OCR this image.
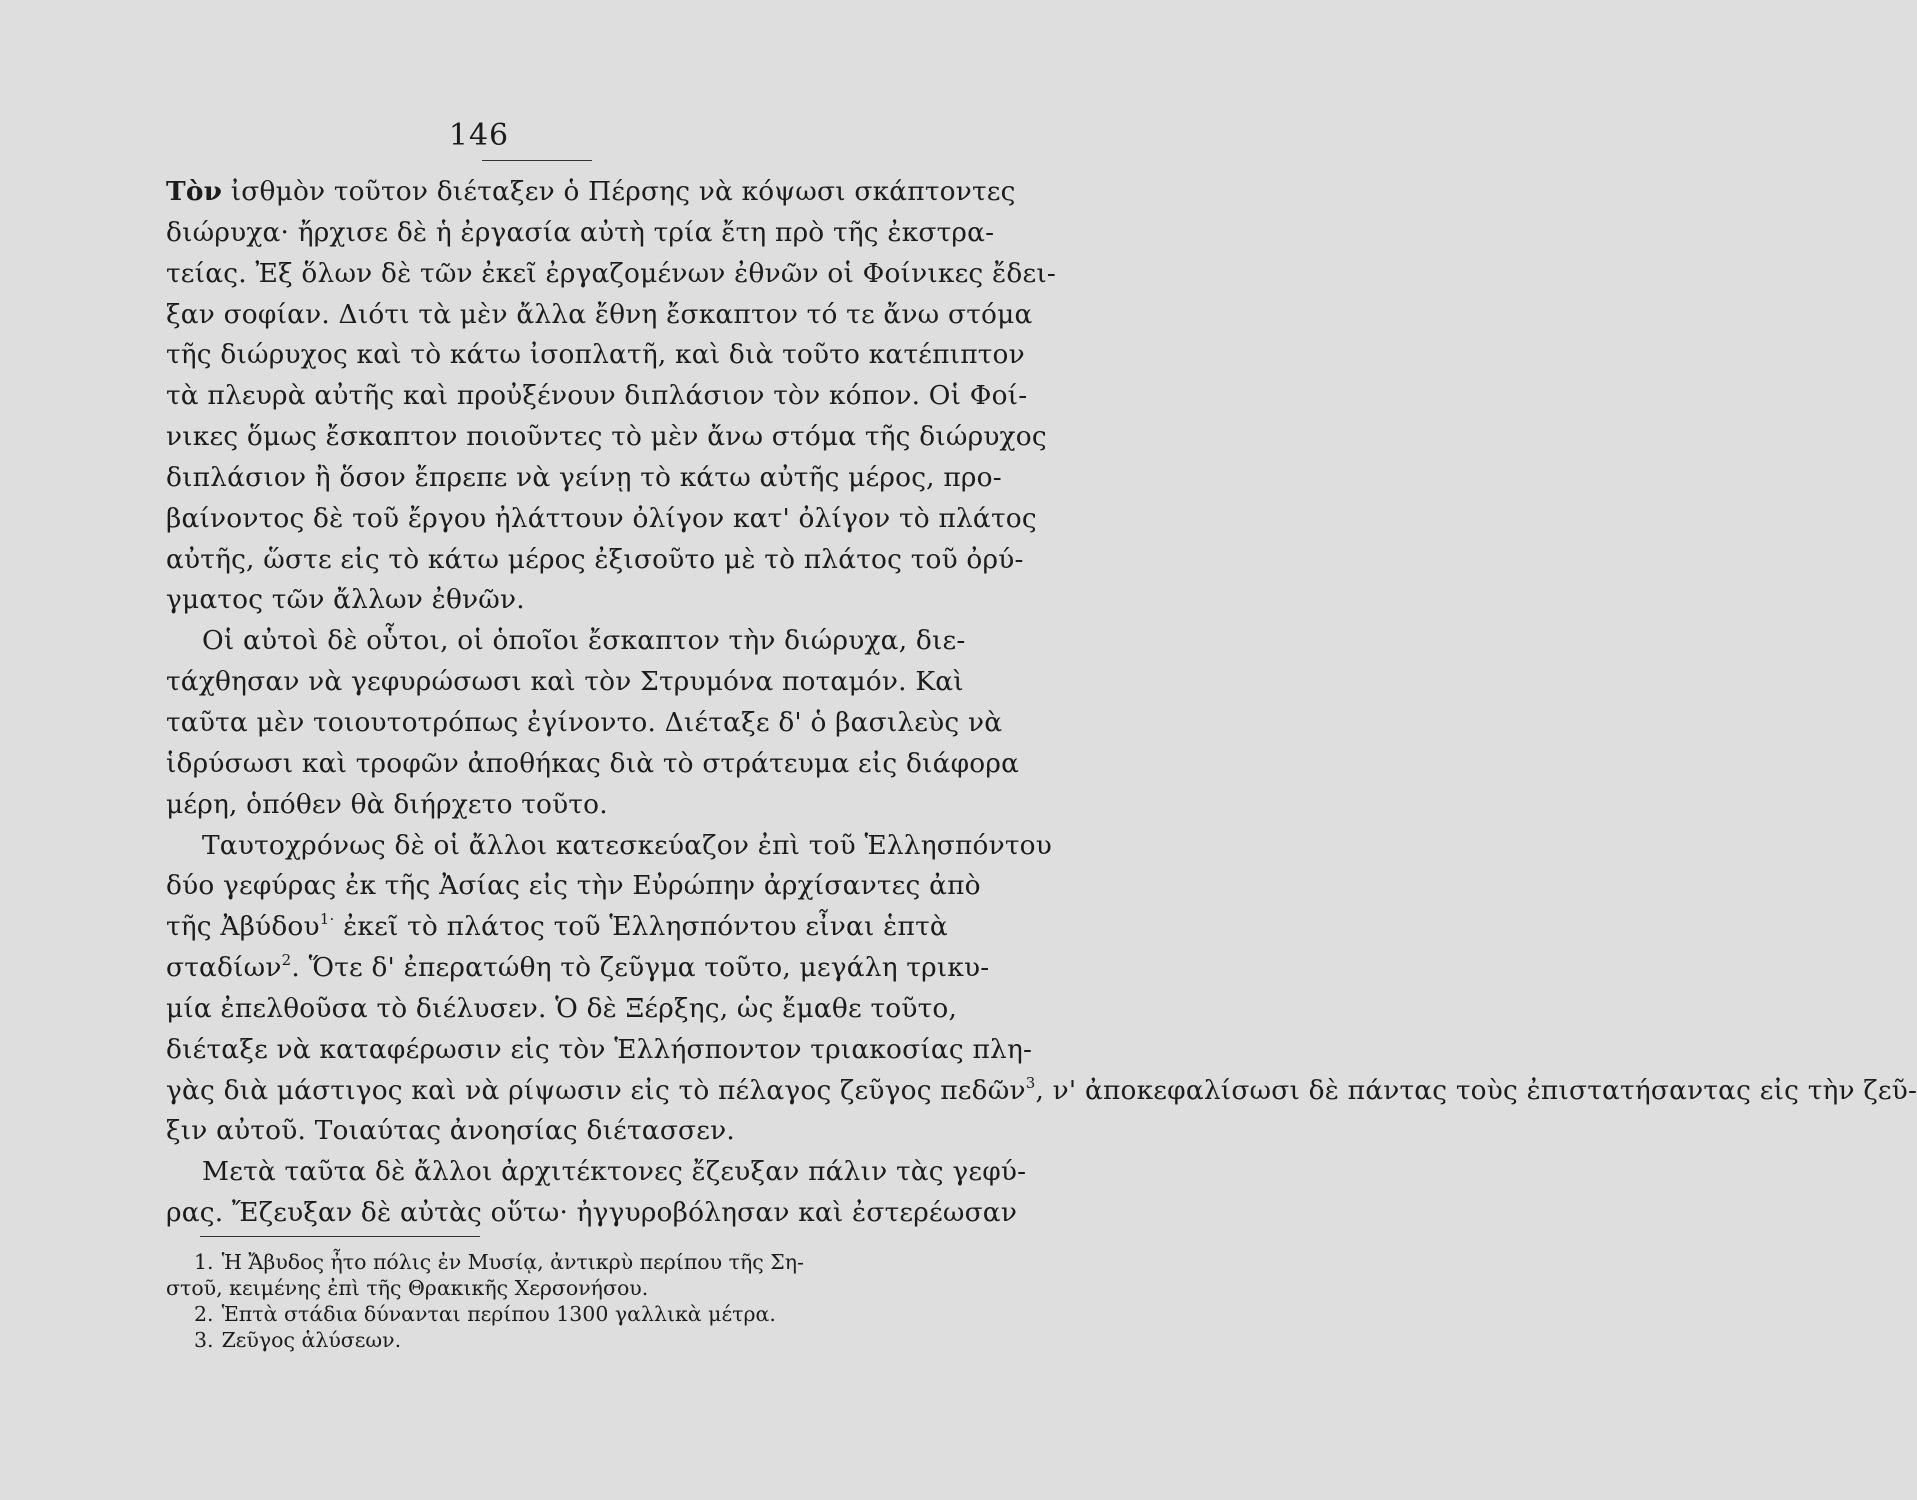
146
Τὸν ἰσθμὸν τοῦτον διέταξεν ὁ Πέρσης νὰ κόψωσι σκάπτοντες
διώρυχα· ἤρχισε δὲ ἡ ἐργασία αὐτὴ τρία ἔτη πρὸ τῆς ἐκστρα-
τείας. Ἐξ ὅλων δὲ τῶν ἐκεῖ ἐργαζομένων ἐθνῶν οἱ Φοίνικες ἔδει-
ξαν σοφίαν. Διότι τὰ μὲν ἄλλα ἔθνη ἔσκαπτον τό τε ἄνω στόμα
τῆς διώρυχος καὶ τὸ κάτω ἰσοπλατῆ, καὶ διὰ τοῦτο κατέπιπτον
τὰ πλευρὰ αὐτῆς καὶ προὐξένουν διπλάσιον τὸν κόπον. Οἱ Φοί-
νικες ὅμως ἔσκαπτον ποιοῦντες τὸ μὲν ἄνω στόμα τῆς διώρυχος
διπλάσιον ἢ ὅσον ἔπρεπε νὰ γείνῃ τὸ κάτω αὐτῆς μέρος, προ-
βαίνοντος δὲ τοῦ ἔργου ἠλάττουν ὀλίγον κατ' ὀλίγον τὸ πλάτος
αὐτῆς, ὥστε εἰς τὸ κάτω μέρος ἐξισοῦτο μὲ τὸ πλάτος τοῦ ὀρύ-
γματος τῶν ἄλλων ἐθνῶν.
Οἱ αὐτοὶ δὲ οὗτοι, οἱ ὁποῖοι ἔσκαπτον τὴν διώρυχα, διε-
τάχθησαν νὰ γεφυρώσωσι καὶ τὸν Στρυμόνα ποταμόν. Καὶ
ταῦτα μὲν τοιουτοτρόπως ἐγίνοντο. Διέταξε δ' ὁ βασιλεὺς νὰ
ἱδρύσωσι καὶ τροφῶν ἀποθήκας διὰ τὸ στράτευμα εἰς διάφορα
μέρη, ὁπόθεν θὰ διήρχετο τοῦτο.
Ταυτοχρόνως δὲ οἱ ἄλλοι κατεσκεύαζον ἐπὶ τοῦ Ἑλλησπόντου
δύο γεφύρας ἐκ τῆς Ἀσίας εἰς τὴν Εὐρώπην ἀρχίσαντες ἀπὸ
τῆς Ἀβύδου$^{1\cdot}$ ἐκεῖ τὸ πλάτος τοῦ Ἑλλησπόντου εἶναι ἑπτὰ
σταδίων$^2$. Ὅτε δ' ἐπερατώθη τὸ ζεῦγμα τοῦτο, μεγάλη τρικυ-
μία ἐπελθοῦσα τὸ διέλυσεν. Ὁ δὲ Ξέρξης, ὡς ἔμαθε τοῦτο,
διέταξε νὰ καταφέρωσιν εἰς τὸν Ἑλλήσποντον τριακοσίας πλη-
γὰς διὰ μάστιγος καὶ νὰ ρίψωσιν εἰς τὸ πέλαγος ζεῦγος πεδῶν$^3$, ν' ἀποκεφαλίσωσι δὲ πάντας τοὺς ἐπιστατήσαντας εἰς τὴν ζεῦ-
ξιν αὐτοῦ. Τοιαύτας ἀνοησίας διέτασσεν.
Μετὰ ταῦτα δὲ ἄλλοι ἀρχιτέκτονες ἔζευξαν πάλιν τὰς γεφύ-
ρας. Ἔζευξαν δὲ αὐτὰς οὕτω· ἠγγυροβόλησαν καὶ ἐστερέωσαν
1. Ἡ Ἄβυδος ἦτο πόλις ἐν Μυσίᾳ, ἀντικρὺ περίπου τῆς Ση-
στοῦ, κειμένης ἐπὶ τῆς Θρακικῆς Χερσονήσου.
2. Ἑπτὰ στάδια δύνανται περίπου 1300 γαλλικὰ μέτρα.
3. Ζεῦγος ἁλύσεων.
